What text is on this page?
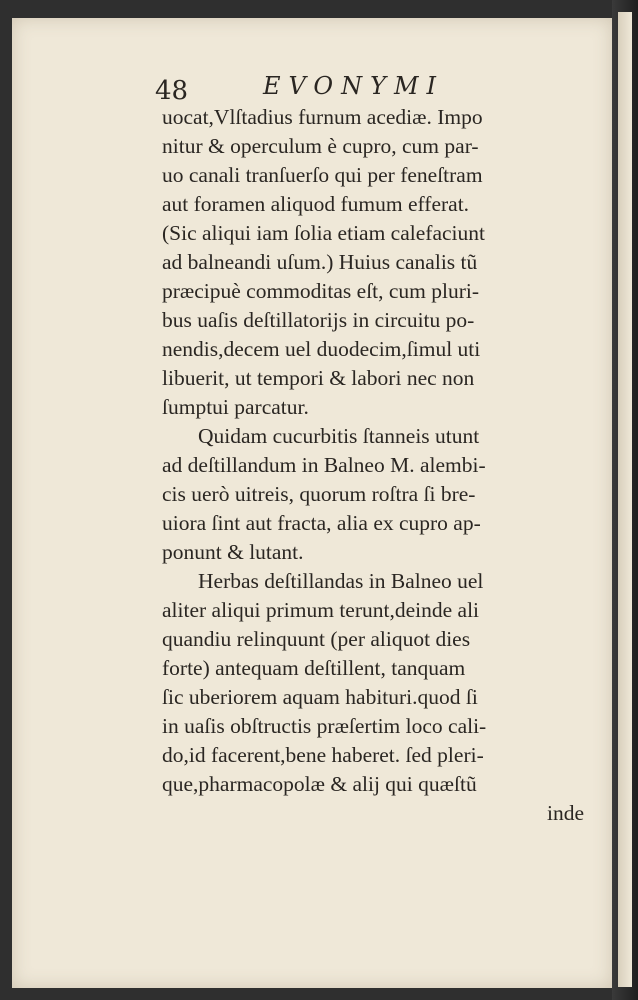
48	EVONYMI
uocat,Vlſtadius furnum acediæ. Impo
nitur & operculum è cupro, cum par-
uo canali tranſuerſo qui per feneſtram
aut foramen aliquod fumum efferat.
(Sic aliqui iam ſolia etiam calefaciunt
ad balneandi uſum.) Huius canalis tũ
præcipuè commoditas eſt, cum pluri-
bus uaſis deſtillatorijs in circuitu po-
nendis,decem uel duodecim,ſimul uti
libuerit, ut tempori & labori nec non
ſumptui parcatur.
Quidam cucurbitis ſtanneis utunt
ad deſtillandum in Balneo M. alembi-
cis uerò uitreis, quorum roſtra ſi bre-
uiora ſint aut fracta, alia ex cupro ap-
ponunt & lutant.
Herbas deſtillandas in Balneo uel
aliter aliqui primum terunt,deinde ali
quandiu relinquunt (per aliquot dies
forte) antequam deſtillent, tanquam
ſic uberiorem aquam habituri.quod ſi
in uaſis obſtructis præſertim loco cali-
do,id facerent,bene haberet. ſed pleri-
que,pharmacopolæ & alij qui quæſtũ
inde
